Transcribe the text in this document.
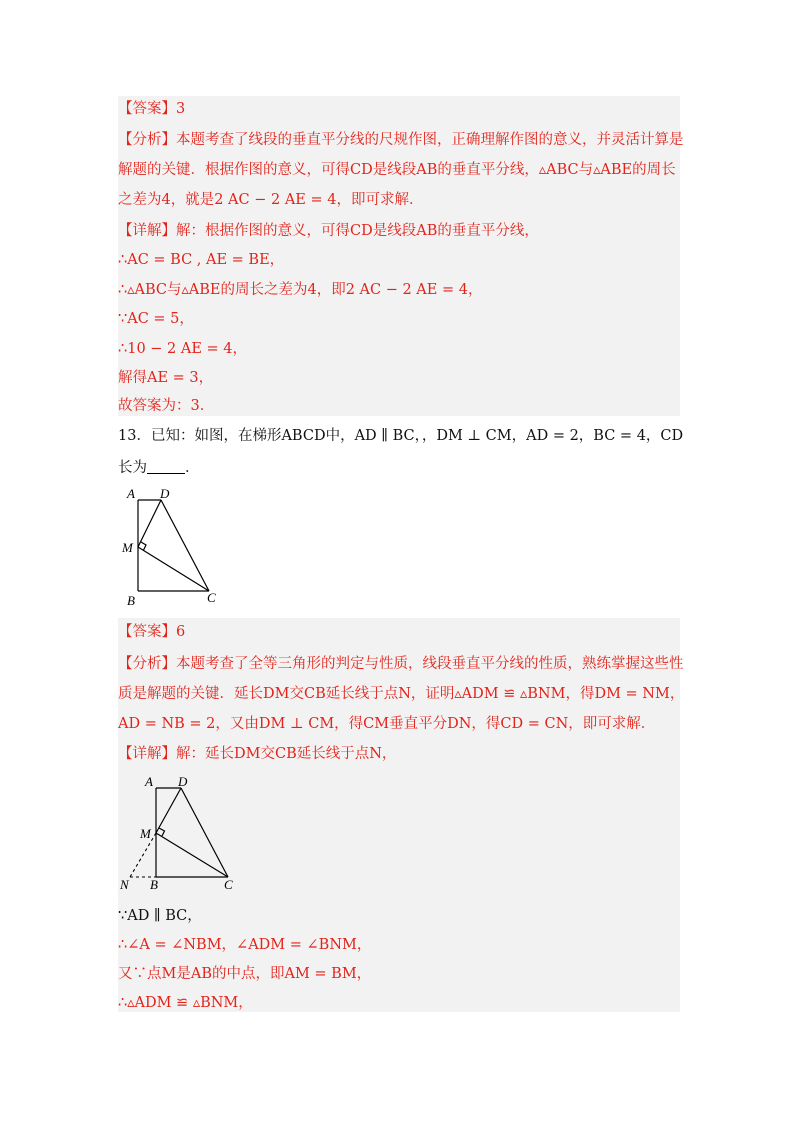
【答案】3
【分析】本题考查了线段的垂直平分线的尺规作图，正确理解作图的意义，并灵活计算是
解题的关键．根据作图的意义，可得CD是线段AB的垂直平分线，▵ABC与▵ABE的周长
之差为4，就是2 AC − 2 AE = 4，即可求解．
【详解】解：根据作图的意义，可得CD是线段AB的垂直平分线，
∴AC = BC , AE = BE，
∴▵ABC与▵ABE的周长之差为4，即2 AC − 2 AE = 4，
∵AC = 5，
∴10 − 2 AE = 4，
解得AE = 3，
故答案为：3．
13．已知：如图，在梯形ABCD中，AD ∥ BC，，DM ⊥ CM，AD = 2，BC = 4，CD
长为	．
A D
M
B	C
【答案】6
【分析】本题考查了全等三角形的判定与性质，线段垂直平分线的性质，熟练掌握这些性
质是解题的关键．延长DM交CB延长线于点N，证明▵ADM ≌ ▵BNM，得DM = NM，
AD = NB = 2，又由DM ⊥ CM，得CM垂直平分DN，得CD = CN，即可求解．
【详解】解：延长DM交CB延长线于点N，
A D
M
N B	C
∵AD ∥ BC，
∴∠A = ∠NBM，∠ADM = ∠BNM，
又∵点M是AB的中点，即AM = BM，
∴▵ADM ≌ ▵BNM，
